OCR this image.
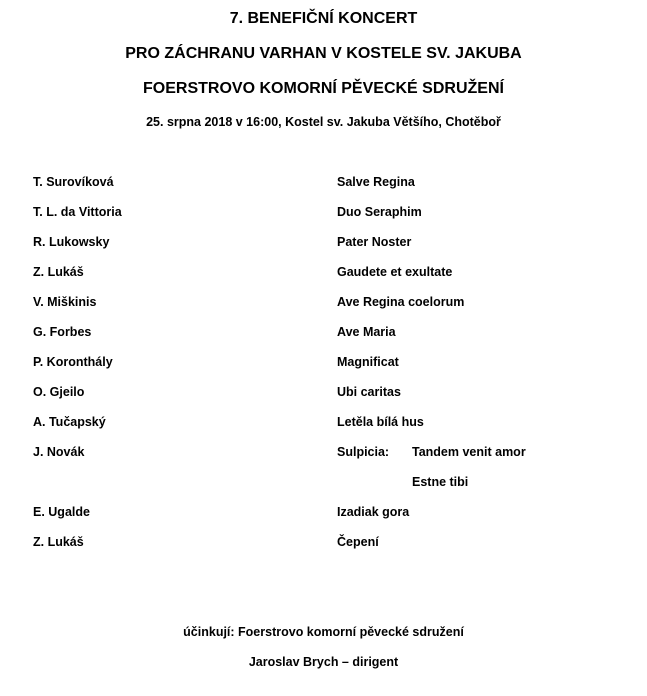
7. BENEFIČNÍ KONCERT
PRO ZÁCHRANU VARHAN V KOSTELE SV. JAKUBA
FOERSTROVO KOMORNÍ PĚVECKÉ SDRUŽENÍ
25. srpna 2018 v 16:00, Kostel sv. Jakuba Většího, Chotěboř
T. Surovíková	Salve Regina
T. L. da Vittoria	Duo Seraphim
R. Lukowsky	Pater Noster
Z. Lukáš	Gaudete et exultate
V. Miškinis	Ave Regina coelorum
G. Forbes	Ave Maria
P. Koronthály	Magnificat
O. Gjeilo	Ubi caritas
A. Tučapský	Letěla bílá hus
J. Novák	Sulpicia: Tandem venit amor
Estne tibi
E. Ugalde	Izadiak gora
Z. Lukáš	Čepení
účinkují: Foerstrovo komorní pěvecké sdružení
Jaroslav Brych – dirigent
